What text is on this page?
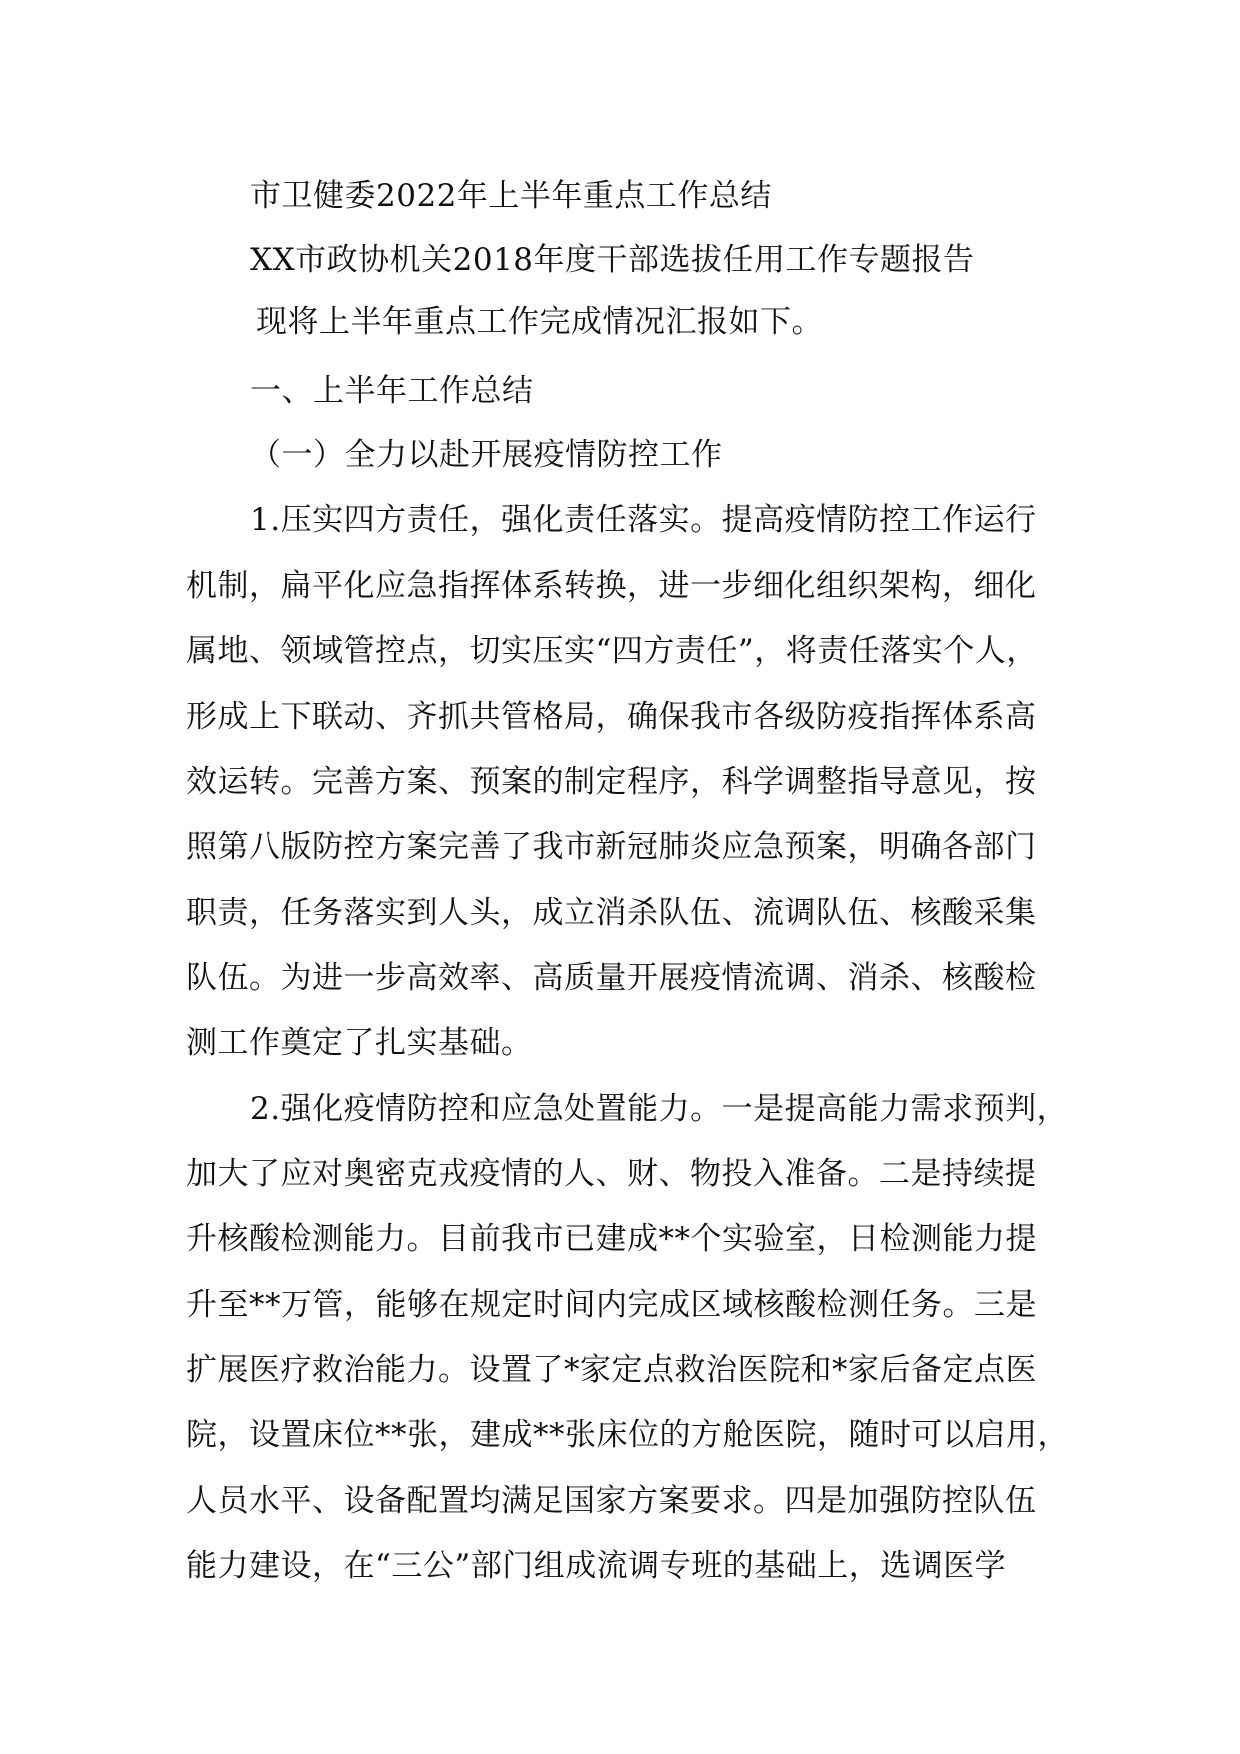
市卫健委2022年上半年重点工作总结
XX市政协机关2018年度干部选拔任用工作专题报告
现将上半年重点工作完成情况汇报如下。
一、上半年工作总结
（一）全力以赴开展疫情防控工作
1.压实四方责任，强化责任落实。提高疫情防控工作运行
机制，扁平化应急指挥体系转换，进一步细化组织架构，细化
属地、领域管控点，切实压实“四方责任”，将责任落实个人，
形成上下联动、齐抓共管格局，确保我市各级防疫指挥体系高
效运转。完善方案、预案的制定程序，科学调整指导意见，按
照第八版防控方案完善了我市新冠肺炎应急预案，明确各部门
职责，任务落实到人头，成立消杀队伍、流调队伍、核酸采集
队伍。为进一步高效率、高质量开展疫情流调、消杀、核酸检
测工作奠定了扎实基础。
2.强化疫情防控和应急处置能力。一是提高能力需求预判，
加大了应对奥密克戎疫情的人、财、物投入准备。二是持续提
升核酸检测能力。目前我市已建成**个实验室，日检测能力提
升至**万管，能够在规定时间内完成区域核酸检测任务。三是
扩展医疗救治能力。设置了*家定点救治医院和*家后备定点医
院，设置床位**张，建成**张床位的方舱医院，随时可以启用，
人员水平、设备配置均满足国家方案要求。四是加强防控队伍
能力建设，在“三公”部门组成流调专班的基础上，选调医学
